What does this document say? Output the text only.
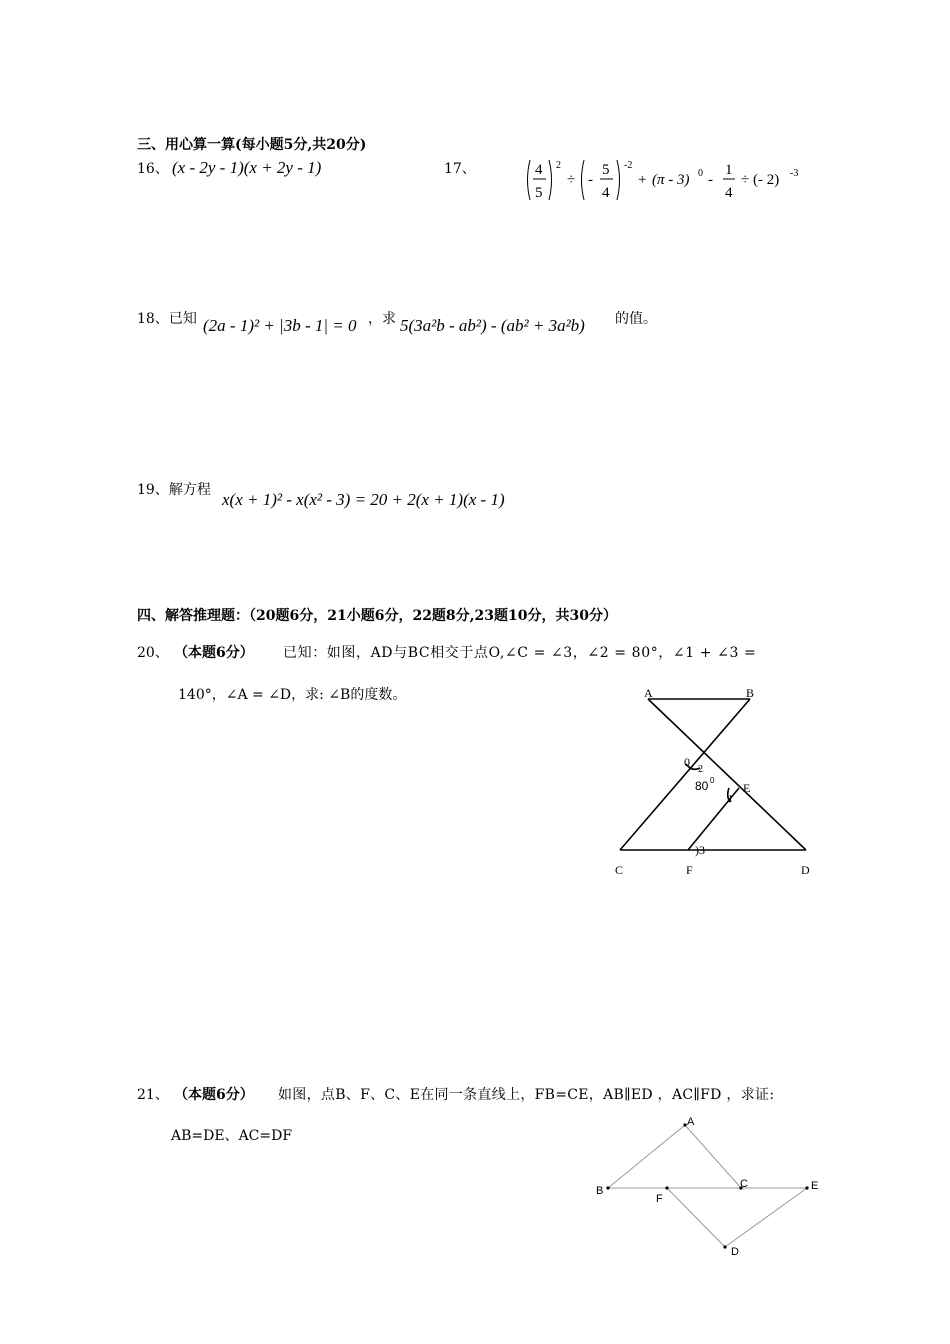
三、用心算一算(每小题5分,共20分)
16、 (x - 2y - 1)(x + 2y - 1)	17、	4
5
2
÷ -
5
4
-2
+ (π - 3) 0 -
1
4
÷ (- 2) -3
18、已知 (2a - 1)² + |3b - 1| = 0 ，求 5(3a²b - ab²) - (ab² + 3a²b) 的值。
19、解方程 x(x + 1)² - x(x² - 3) = 20 + 2(x + 1)(x - 1)
四、解答推理题：（20题6分，21小题6分，22题8分,23题10分，共30分）
20、 （本题6分） 已知：如图，AD与BC相交于点O,∠C = ∠3，∠2 = 80°，∠1 + ∠3 =
140°，∠A = ∠D，求: ∠B的度数。	A	B
0
2
80 0
E
1
)3
C	F	D
21、 （本题6分） 如图，点B、F、C、E在同一条直线上，FB=CE，AB∥ED ，AC∥FD ，求证:
AB=DE、AC=DF
A
B
F
C	E
D
